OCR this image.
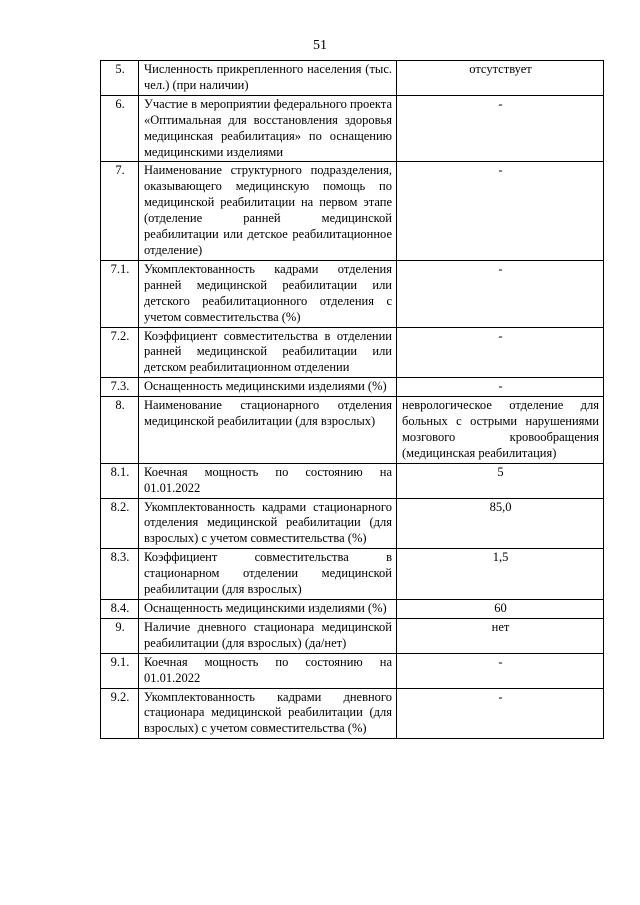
51
5.	Численность прикрепленного населения (тыс. чел.) (при наличии)	отсутствует
6.	Участие в мероприятии федерального проекта «Оптимальная для восстановления здоровья медицинская реабилитация» по оснащению медицинскими изделиями	-
7.	Наименование структурного подразделения, оказывающего медицинскую помощь по медицинской реабилитации на первом этапе (отделение ранней медицинской реабилитации или детское реабилитационное отделение)	-
7.1.	Укомплектованность кадрами отделения ранней медицинской реабилитации или детского реабилитационного отделения с учетом совместительства (%)	-
7.2.	Коэффициент совместительства в отделении ранней медицинской реабилитации или детском реабилитационном отделении	-
7.3.	Оснащенность медицинскими изделиями (%)	-
8.	Наименование стационарного отделения медицинской реабилитации (для взрослых)	неврологическое отделение для больных с острыми нарушениями мозгового кровообращения (медицинская реабилитация)
8.1.	Коечная мощность по состоянию на 01.01.2022	5
8.2.	Укомплектованность кадрами стационарного отделения медицинской реабилитации (для взрослых) с учетом совместительства (%)	85,0
8.3.	Коэффициент совместительства в стационарном отделении медицинской реабилитации (для взрослых)	1,5
8.4.	Оснащенность медицинскими изделиями (%)	60
9.	Наличие дневного стационара медицинской реабилитации (для взрослых) (да/нет)	нет
9.1.	Коечная мощность по состоянию на 01.01.2022	-
9.2.	Укомплектованность кадрами дневного стационара медицинской реабилитации (для взрослых) с учетом совместительства (%)	-
